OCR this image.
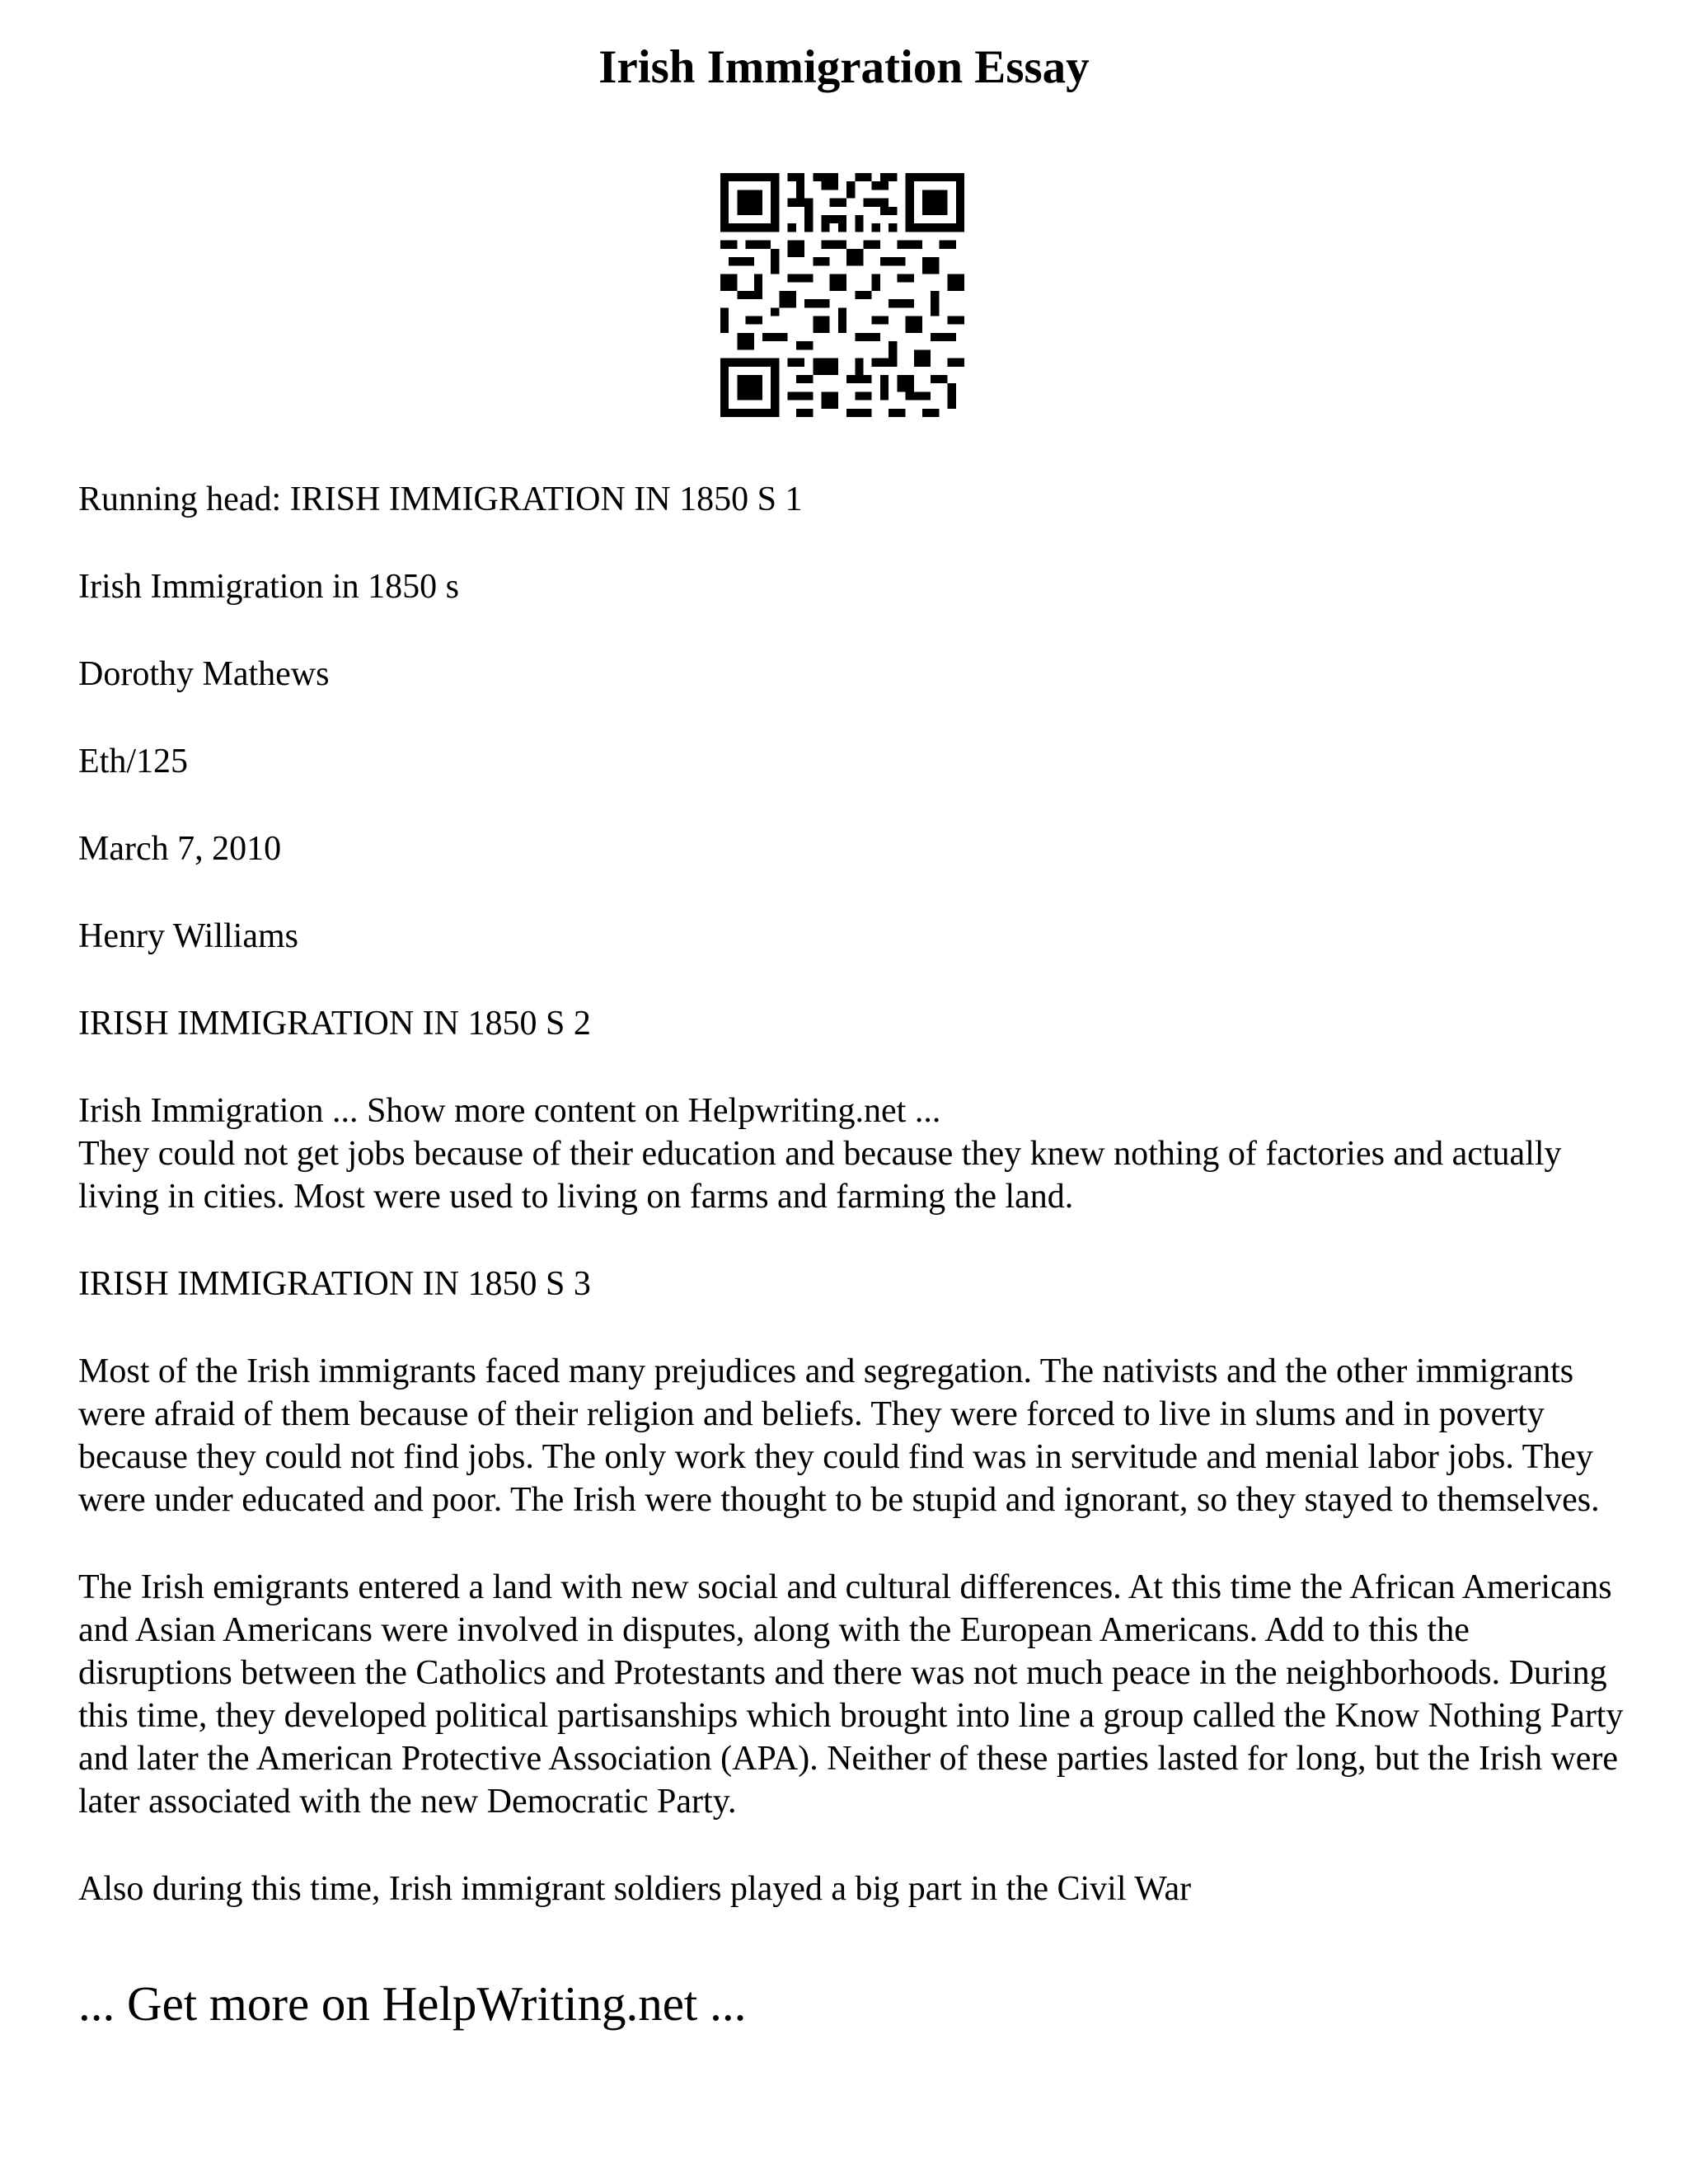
Irish Immigration Essay

Running head: IRISH IMMIGRATION IN 1850 S 1

Irish Immigration in 1850 s

Dorothy Mathews

Eth/125

March 7, 2010

Henry Williams

IRISH IMMIGRATION IN 1850 S 2

Irish Immigration ... Show more content on Helpwriting.net ...

They could not get jobs because of their education and because they knew nothing of factories and actually living in cities. Most were used to living on farms and farming the land.

IRISH IMMIGRATION IN 1850 S 3

Most of the Irish immigrants faced many prejudices and segregation. The nativists and the other immigrants were afraid of them because of their religion and beliefs. They were forced to live in slums and in poverty because they could not find jobs. The only work they could find was in servitude and menial labor jobs. They were under educated and poor. The Irish were thought to be stupid and ignorant, so they stayed to themselves.

The Irish emigrants entered a land with new social and cultural differences. At this time the African Americans and Asian Americans were involved in disputes, along with the European Americans. Add to this the disruptions between the Catholics and Protestants and there was not much peace in the neighborhoods. During this time, they developed political partisanships which brought into line a group called the Know Nothing Party and later the American Protective Association (APA). Neither of these parties lasted for long, but the Irish were later associated with the new Democratic Party.

Also during this time, Irish immigrant soldiers played a big part in the Civil War

... Get more on HelpWriting.net ...
